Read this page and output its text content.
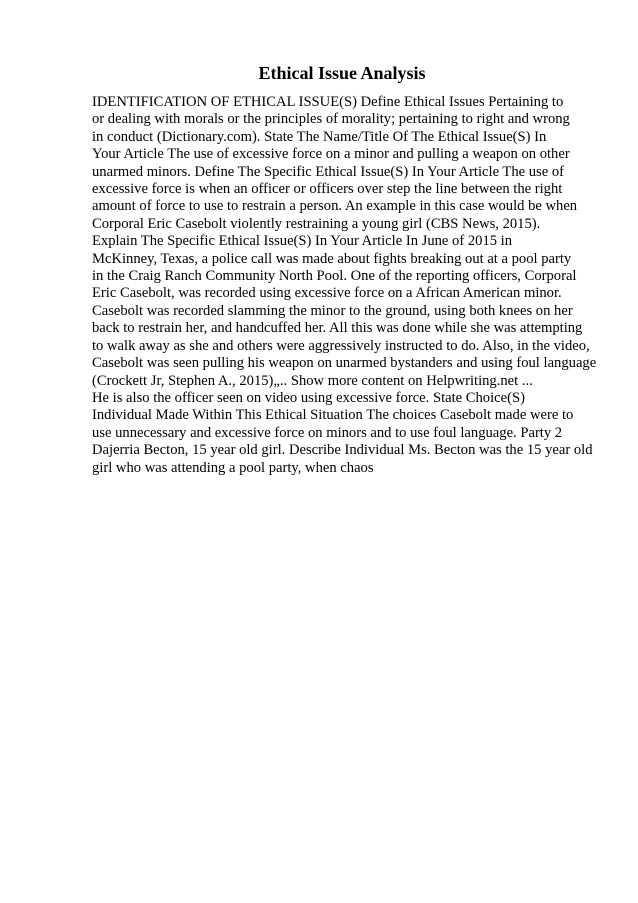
Ethical Issue Analysis
IDENTIFICATION OF ETHICAL ISSUE(S) Define Ethical Issues Pertaining to
or dealing with morals or the principles of morality; pertaining to right and wrong
in conduct (Dictionary.com). State The Name/Title Of The Ethical Issue(S) In
Your Article The use of excessive force on a minor and pulling a weapon on other
unarmed minors. Define The Specific Ethical Issue(S) In Your Article The use of
excessive force is when an officer or officers over step the line between the right
amount of force to use to restrain a person. An example in this case would be when
Corporal Eric Casebolt violently restraining a young girl (CBS News, 2015).
Explain The Specific Ethical Issue(S) In Your Article In June of 2015 in
McKinney, Texas, a police call was made about fights breaking out at a pool party
in the Craig Ranch Community North Pool. One of the reporting officers, Corporal
Eric Casebolt, was recorded using excessive force on a African American minor.
Casebolt was recorded slamming the minor to the ground, using both knees on her
back to restrain her, and handcuffed her. All this was done while she was attempting
to walk away as she and others were aggressively instructed to do. Also, in the video,
Casebolt was seen pulling his weapon on unarmed bystanders and using foul language
(Crockett Jr, Stephen A., 2015)„.. Show more content on Helpwriting.net ...
He is also the officer seen on video using excessive force. State Choice(S)
Individual Made Within This Ethical Situation The choices Casebolt made were to
use unnecessary and excessive force on minors and to use foul language. Party 2
Dajerria Becton, 15 year old girl. Describe Individual Ms. Becton was the 15 year old
girl who was attending a pool party, when chaos
